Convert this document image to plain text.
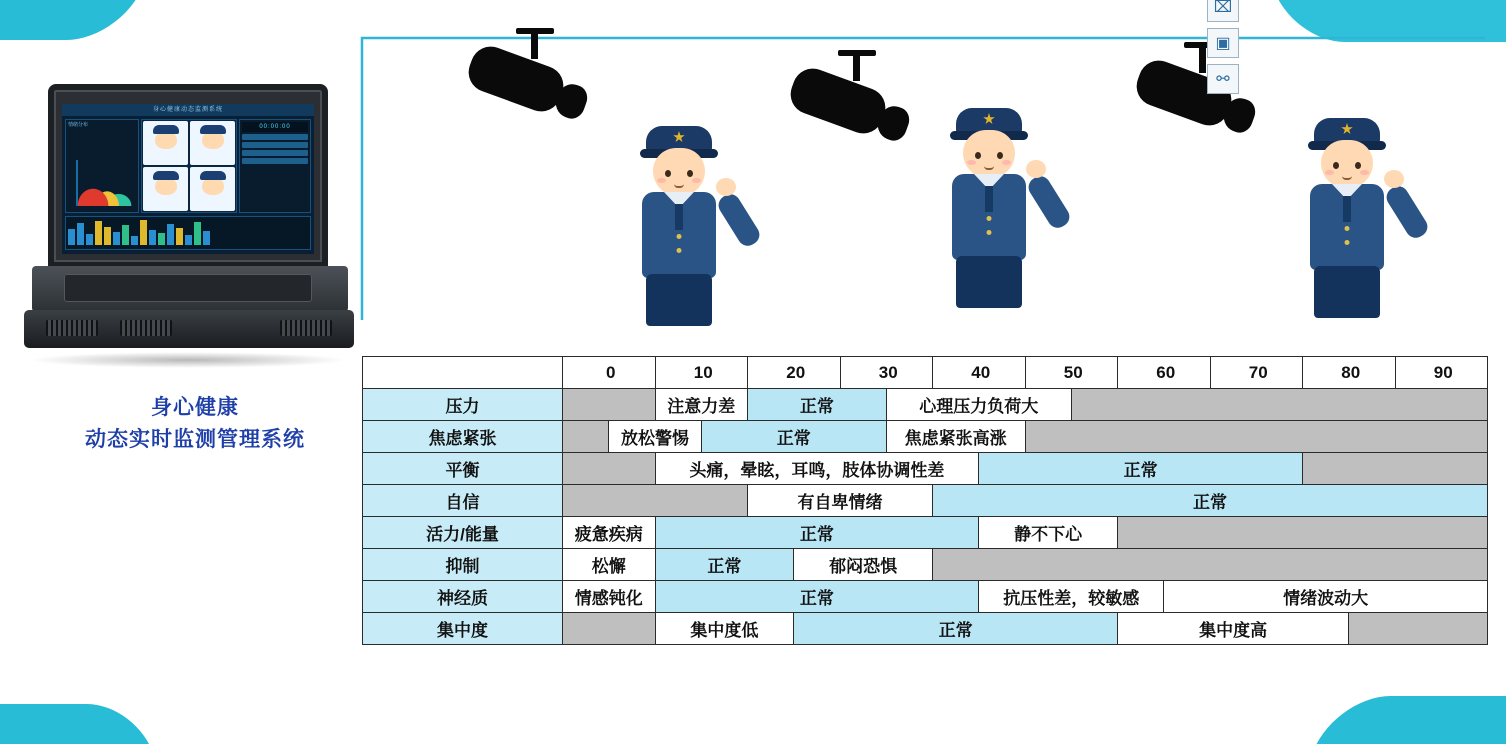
身心健康动态监测系统
情绪分布	00:00:00
身心健康
动态实时监测管理系统
⌧
▣
⚯
	0		10		20		30		40		50		60		70	80		90
压力			注意力差		正常			心理压力负荷大										
焦虑紧张		放松警惕		正常				焦虑紧张高涨										
平衡			头痛，晕眩，耳鸣，肢体协调性差							正常								
自信					有自卑情绪				正常									
活力/能量	疲惫疾病		正常							静不下心								
抑制	松懈		正常			郁闷恐惧												
神经质	情感钝化		正常							抗压性差，较敏感				情绪波动大				
集中度			集中度低			正常							集中度高					
